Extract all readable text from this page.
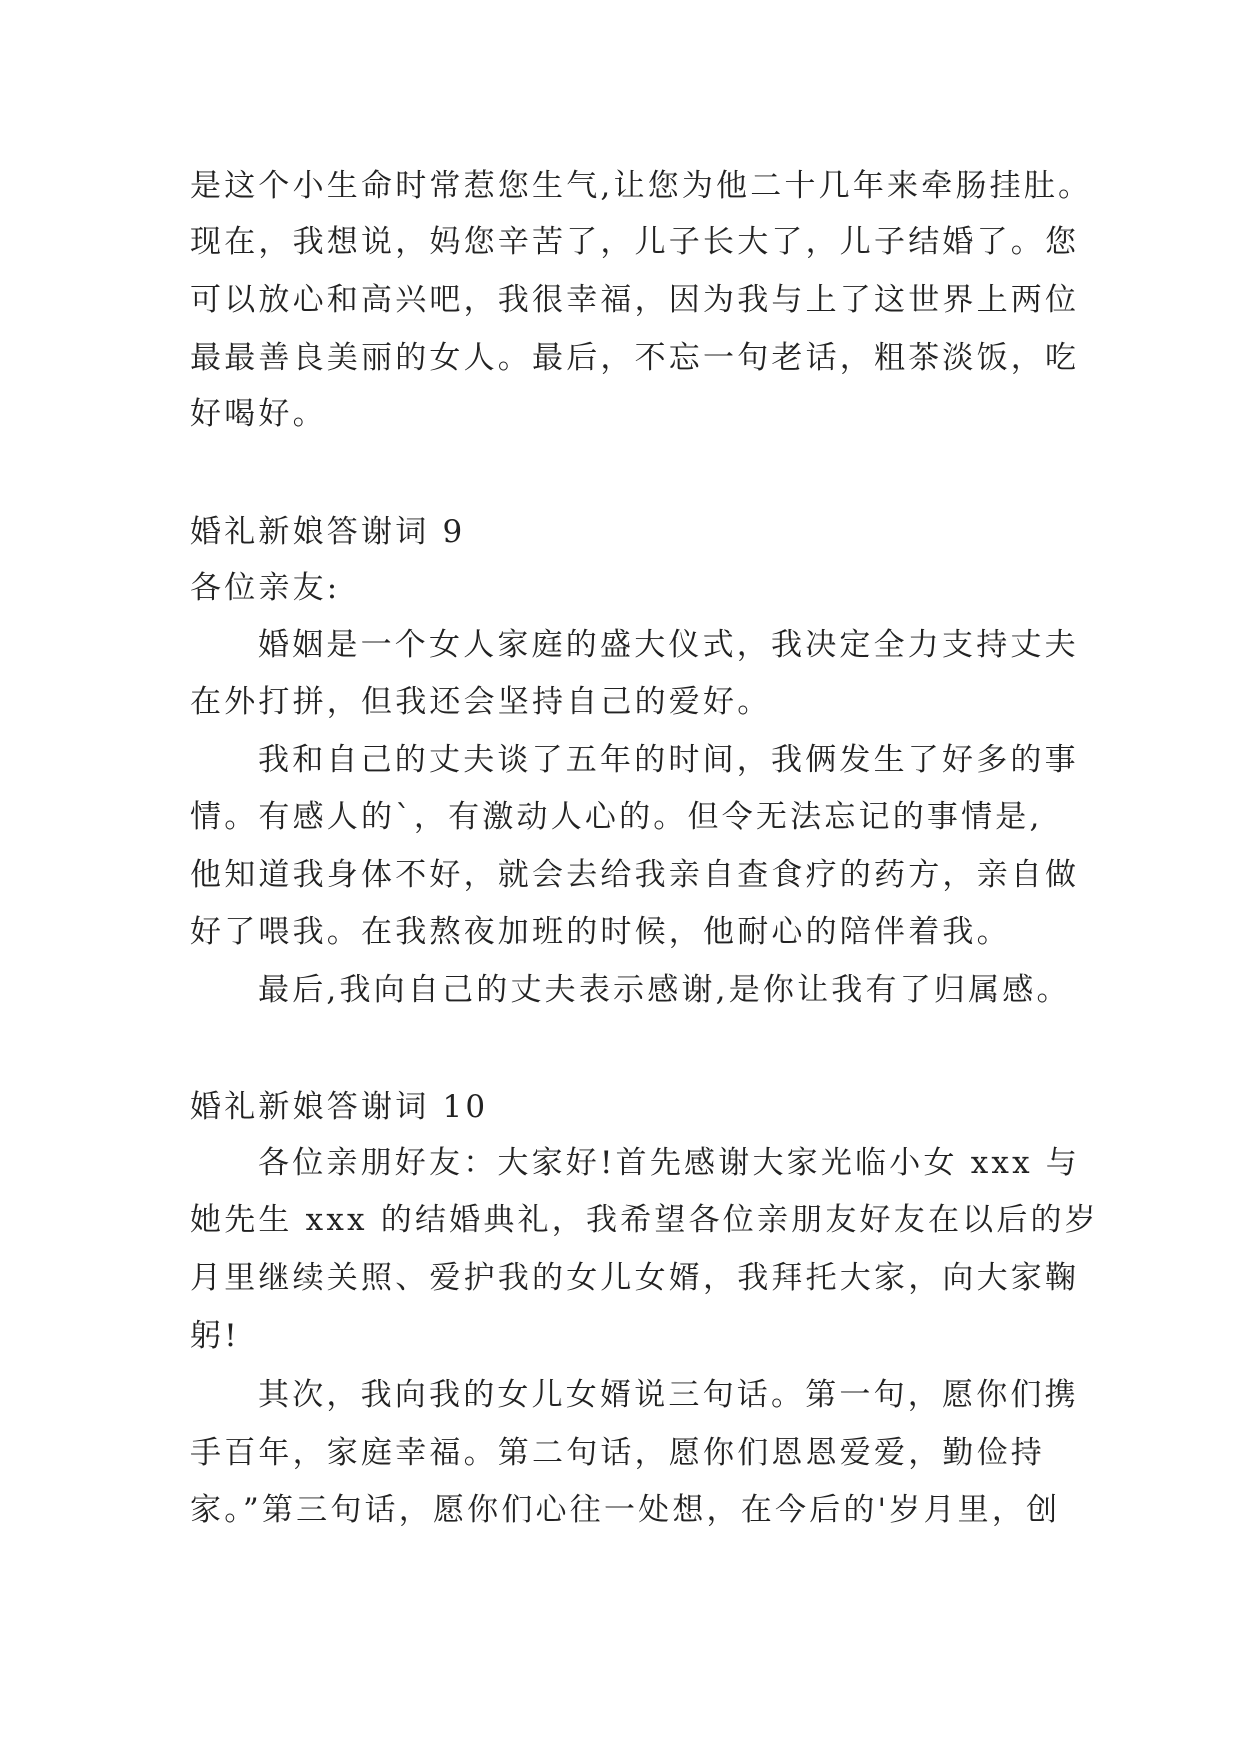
是这个小生命时常惹您生气,让您为他二十几年来牵肠挂肚。
现在，我想说，妈您辛苦了，儿子长大了，儿子结婚了。您
可以放心和高兴吧，我很幸福，因为我与上了这世界上两位
最最善良美丽的女人。最后，不忘一句老话，粗茶淡饭，吃
好喝好。
婚礼新娘答谢词 9
各位亲友:
婚姻是一个女人家庭的盛大仪式，我决定全力支持丈夫
在外打拼，但我还会坚持自己的爱好。
我和自己的丈夫谈了五年的时间，我俩发生了好多的事
情。有感人的`，有激动人心的。但令无法忘记的事情是,
他知道我身体不好，就会去给我亲自查食疗的药方，亲自做
好了喂我。在我熬夜加班的时候，他耐心的陪伴着我。
最后,我向自己的丈夫表示感谢,是你让我有了归属感。
婚礼新娘答谢词 10
各位亲朋好友：大家好!首先感谢大家光临小女 xxx 与
她先生 xxx 的结婚典礼，我希望各位亲朋友好友在以后的岁
月里继续关照、爱护我的女儿女婿，我拜托大家，向大家鞠
躬!
其次，我向我的女儿女婿说三句话。第一句，愿你们携
手百年，家庭幸福。第二句话，愿你们恩恩爱爱，勤俭持
家。”第三句话，愿你们心往一处想，在今后的'岁月里，创
